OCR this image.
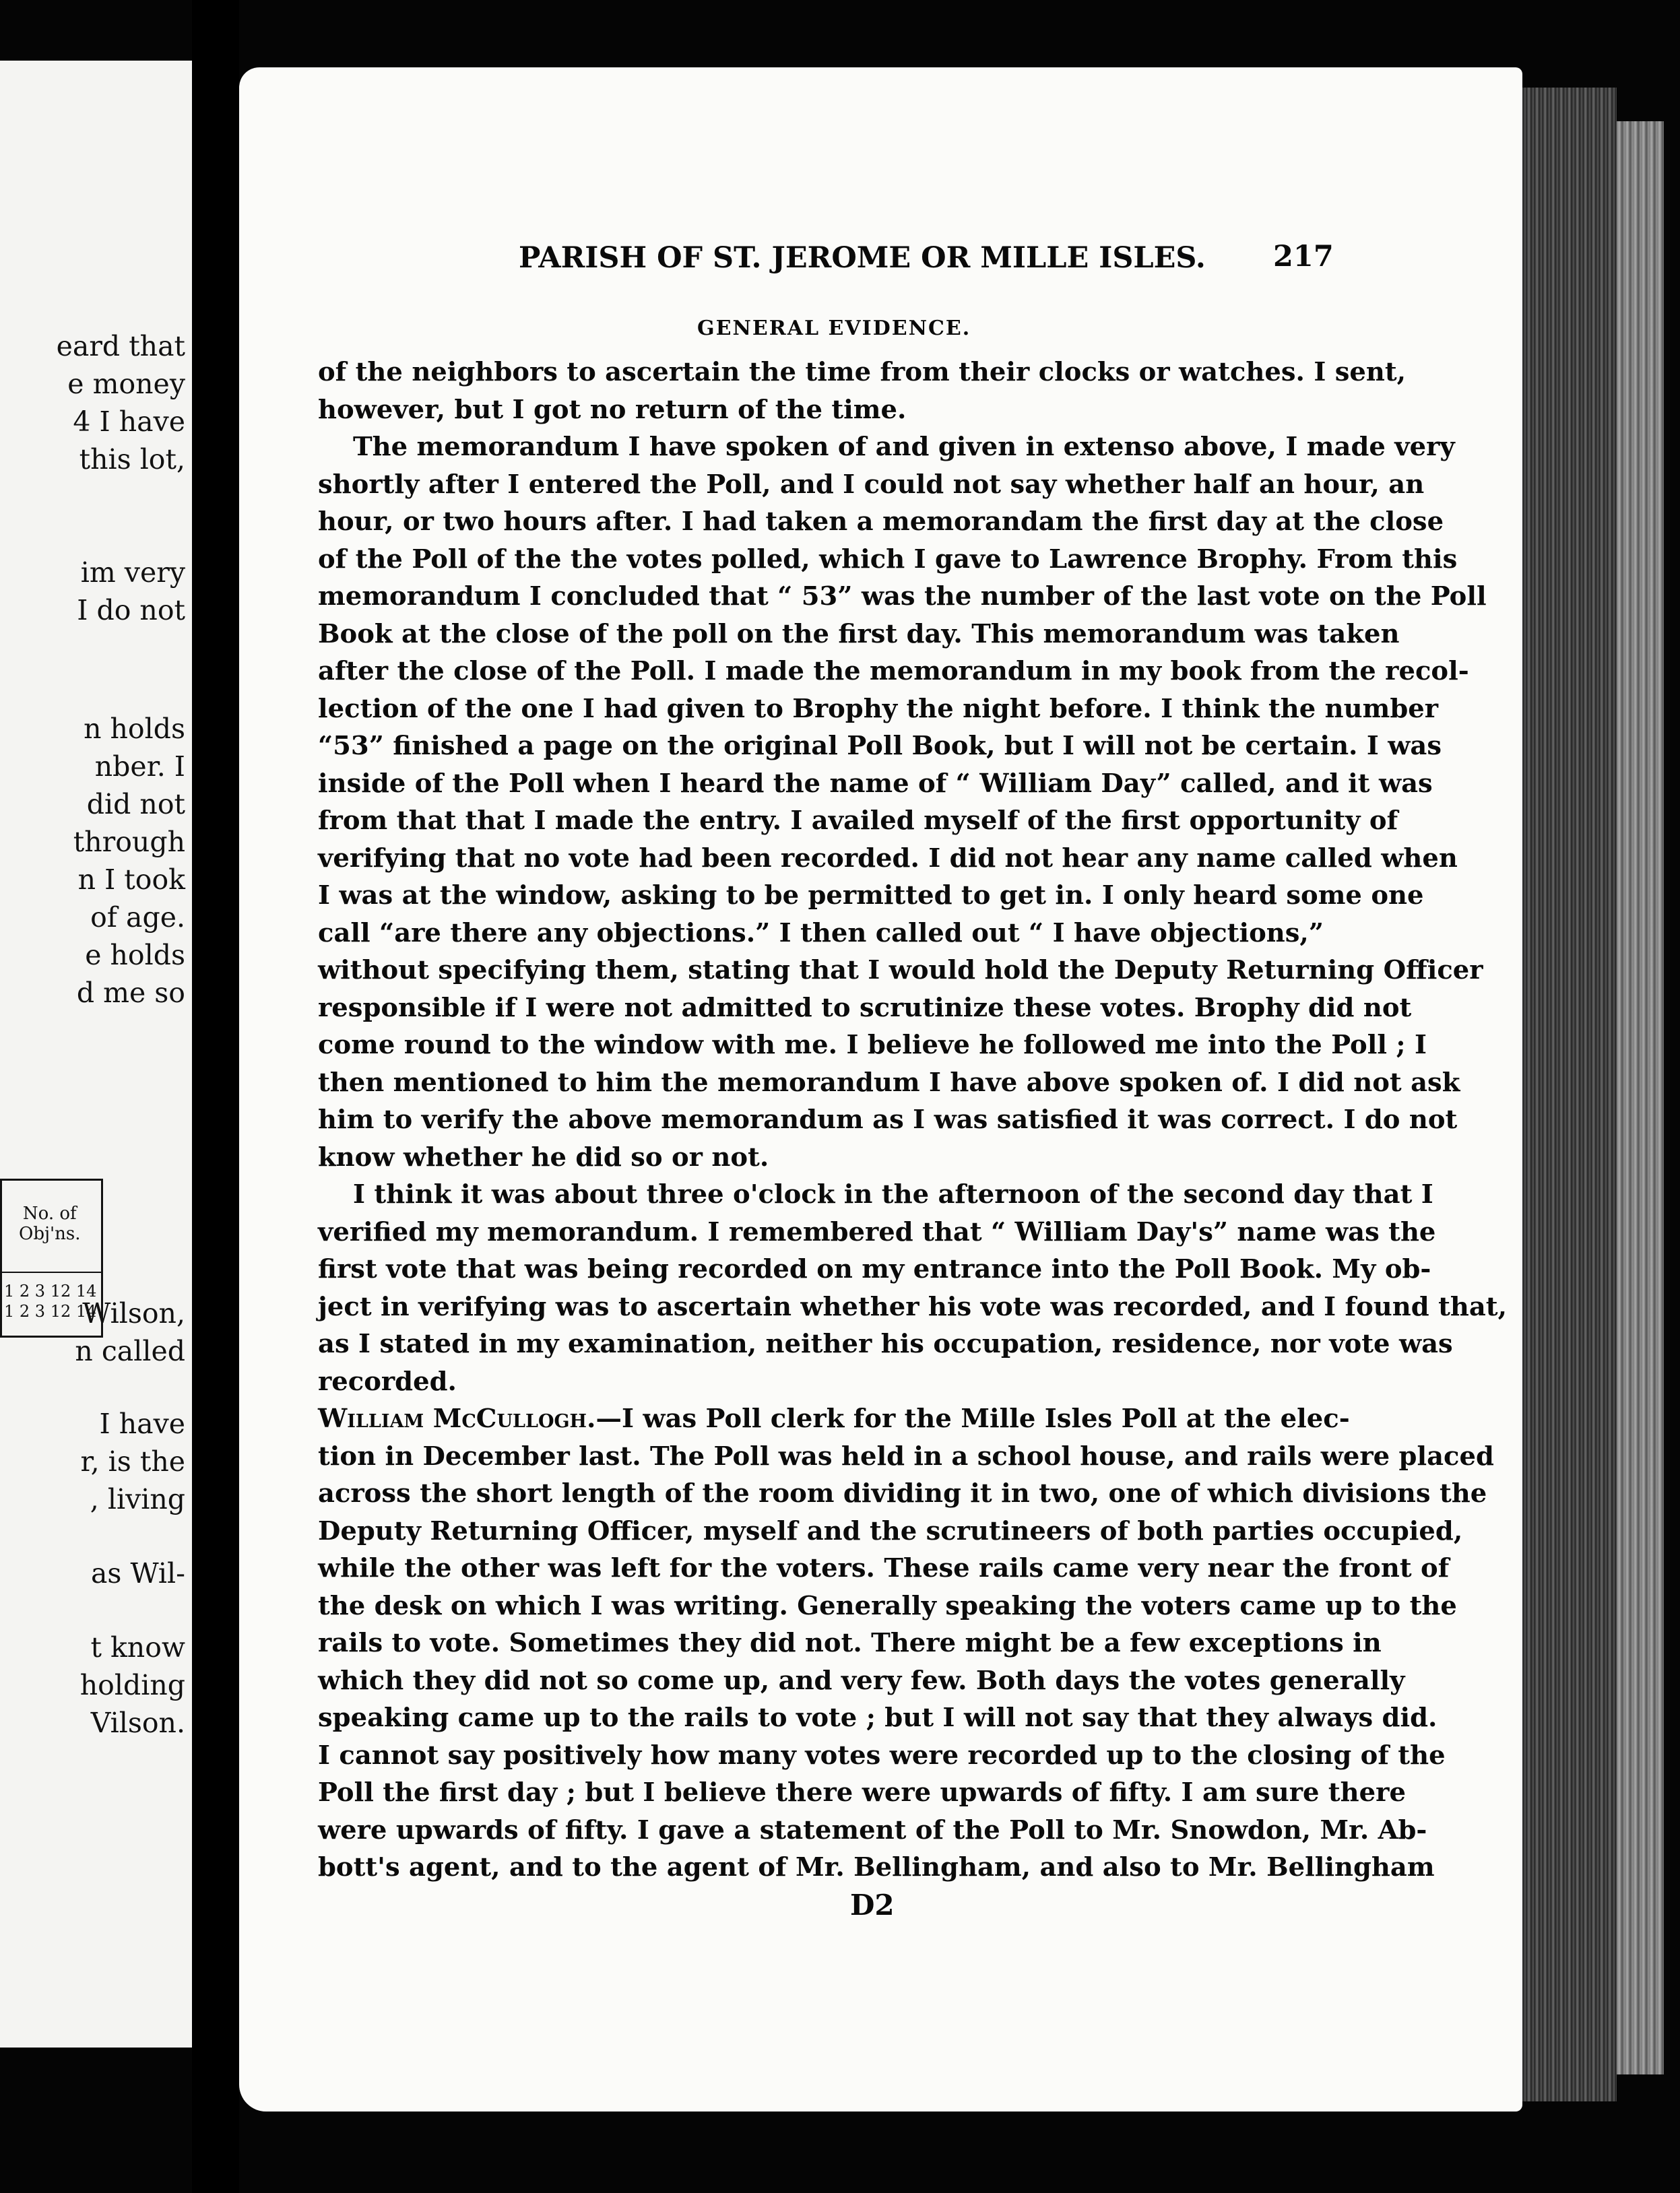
eard that
e money
4 I have
this lot,
im very
I do not
n holds
nber. I
did not
through
n I took
of age.
e holds
d me so
Wilson,
n called
I have
r, is the
, living
as Wil-
t know
holding
Vilson.
No. of
Obj'ns.
1 2 3 12 14
1 2 3 12 14
PARISH OF ST. JEROME OR MILLE ISLES.	217
GENERAL EVIDENCE.
of the neighbors to ascertain the time from their clocks or watches. I sent,
however, but I got no return of the time.
The memorandum I have spoken of and given in extenso above, I made very
shortly after I entered the Poll, and I could not say whether half an hour, an
hour, or two hours after. I had taken a memorandam the first day at the close
of the Poll of the the votes polled, which I gave to Lawrence Brophy. From this
memorandum I concluded that “ 53” was the number of the last vote on the Poll
Book at the close of the poll on the first day. This memorandum was taken
after the close of the Poll. I made the memorandum in my book from the recol-
lection of the one I had given to Brophy the night before. I think the number
“53” finished a page on the original Poll Book, but I will not be certain. I was
inside of the Poll when I heard the name of “ William Day” called, and it was
from that that I made the entry. I availed myself of the first opportunity of
verifying that no vote had been recorded. I did not hear any name called when
I was at the window, asking to be permitted to get in. I only heard some one
call “are there any objections.” I then called out “ I have objections,”
without specifying them, stating that I would hold the Deputy Returning Officer
responsible if I were not admitted to scrutinize these votes. Brophy did not
come round to the window with me. I believe he followed me into the Poll ; I
then mentioned to him the memorandum I have above spoken of. I did not ask
him to verify the above memorandum as I was satisfied it was correct. I do not
know whether he did so or not.
I think it was about three o'clock in the afternoon of the second day that I
verified my memorandum. I remembered that “ William Day's” name was the
first vote that was being recorded on my entrance into the Poll Book. My ob-
ject in verifying was to ascertain whether his vote was recorded, and I found that,
as I stated in my examination, neither his occupation, residence, nor vote was
recorded.
William McCullogh.—I was Poll clerk for the Mille Isles Poll at the elec-
tion in December last. The Poll was held in a school house, and rails were placed
across the short length of the room dividing it in two, one of which divisions the
Deputy Returning Officer, myself and the scrutineers of both parties occupied,
while the other was left for the voters. These rails came very near the front of
the desk on which I was writing. Generally speaking the voters came up to the
rails to vote. Sometimes they did not. There might be a few exceptions in
which they did not so come up, and very few. Both days the votes generally
speaking came up to the rails to vote ; but I will not say that they always did.
I cannot say positively how many votes were recorded up to the closing of the
Poll the first day ; but I believe there were upwards of fifty. I am sure there
were upwards of fifty. I gave a statement of the Poll to Mr. Snowdon, Mr. Ab-
bott's agent, and to the agent of Mr. Bellingham, and also to Mr. Bellingham
D2
